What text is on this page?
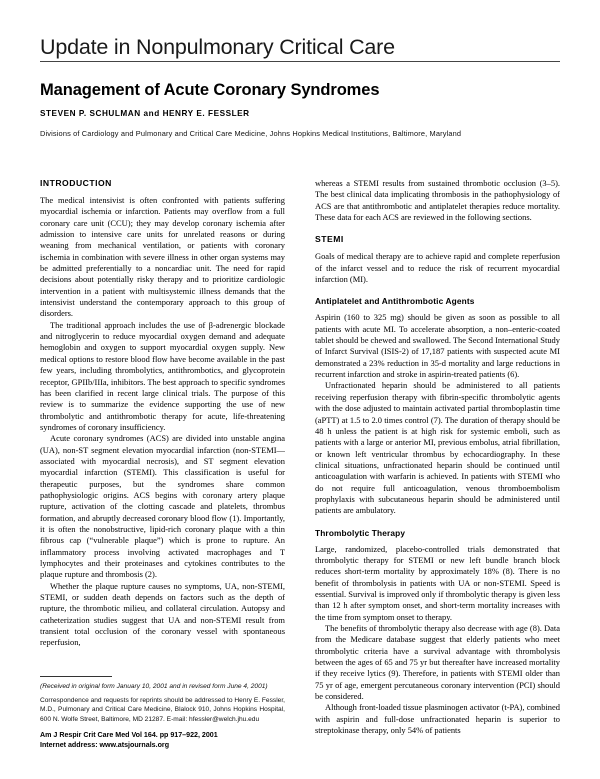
Update in Nonpulmonary Critical Care
Management of Acute Coronary Syndromes
STEVEN P. SCHULMAN and HENRY E. FESSLER
Divisions of Cardiology and Pulmonary and Critical Care Medicine, Johns Hopkins Medical Institutions, Baltimore, Maryland
INTRODUCTION

The medical intensivist is often confronted with patients suffering myocardial ischemia or infarction. Patients may overflow from a full coronary care unit (CCU); they may develop coronary ischemia after admission to intensive care units for unrelated reasons or during weaning from mechanical ventilation, or patients with coronary ischemia in combination with severe illness in other organ systems may be admitted preferentially to a noncardiac unit. The need for rapid decisions about potentially risky therapy and to prioritize cardiologic intervention in a patient with multisystemic illness demands that the intensivist understand the contemporary approach to this group of disorders.

The traditional approach includes the use of β-adrenergic blockade and nitroglycerin to reduce myocardial oxygen demand and adequate hemoglobin and oxygen to support myocardial oxygen supply. New medical options to restore blood flow have become available in the past few years, including thrombolytics, antithrombotics, and glycoprotein receptor, GPIIb/IIIa, inhibitors. The best approach to specific syndromes has been clarified in recent large clinical trials. The purpose of this review is to summarize the evidence supporting the use of new thrombolytic and antithrombotic therapy for acute, life-threatening syndromes of coronary insufficiency.

Acute coronary syndromes (ACS) are divided into unstable angina (UA), non-ST segment elevation myocardial infarction (non-STEMI—associated with myocardial necrosis), and ST segment elevation myocardial infarction (STEMI). This classification is useful for therapeutic purposes, but the syndromes share common pathophysiologic origins. ACS begins with coronary artery plaque rupture, activation of the clotting cascade and platelets, thrombus formation, and abruptly decreased coronary blood flow (1). Importantly, it is often the nonobstructive, lipid-rich coronary plaque with a thin fibrous cap (“vulnerable plaque”) which is prone to rupture. An inflammatory process involving activated macrophages and T lymphocytes and their proteinases and cytokines contributes to the plaque rupture and thrombosis (2).

Whether the plaque rupture causes no symptoms, UA, non-STEMI, STEMI, or sudden death depends on factors such as the depth of rupture, the thrombotic milieu, and collateral circulation. Autopsy and catheterization studies suggest that UA and non-STEMI result from transient total occlusion of the coronary vessel with spontaneous reperfusion,

whereas a STEMI results from sustained thrombotic occlusion (3–5). The best clinical data implicating thrombosis in the pathophysiology of ACS are that antithrombotic and antiplatelet therapies reduce mortality. These data for each ACS are reviewed in the following sections.

STEMI

Goals of medical therapy are to achieve rapid and complete reperfusion of the infarct vessel and to reduce the risk of recurrent myocardial infarction (MI).

Antiplatelet and Antithrombotic Agents

Aspirin (160 to 325 mg) should be given as soon as possible to all patients with acute MI. To accelerate absorption, a non–enteric-coated tablet should be chewed and swallowed. The Second International Study of Infarct Survival (ISIS-2) of 17,187 patients with suspected acute MI demonstrated a 23% reduction in 35-d mortality and large reductions in recurrent infarction and stroke in aspirin-treated patients (6).

Unfractionated heparin should be administered to all patients receiving reperfusion therapy with fibrin-specific thrombolytic agents with the dose adjusted to maintain activated partial thromboplastin time (aPTT) at 1.5 to 2.0 times control (7). The duration of therapy should be 48 h unless the patient is at high risk for systemic emboli, such as patients with a large or anterior MI, previous embolus, atrial fibrillation, or known left ventricular thrombus by echocardiography. In these clinical situations, unfractionated heparin should be continued until anticoagulation with warfarin is achieved. In patients with STEMI who do not require full anticoagulation, venous thromboembolism prophylaxis with subcutaneous heparin should be administered until patients are ambulatory.

Thrombolytic Therapy

Large, randomized, placebo-controlled trials demonstrated that thrombolytic therapy for STEMI or new left bundle branch block reduces short-term mortality by approximately 18% (8). There is no benefit of thrombolysis in patients with UA or non-STEMI. Speed is essential. Survival is improved only if thrombolytic therapy is given less than 12 h after symptom onset, and short-term mortality increases with the time from symptom onset to therapy.

The benefits of thrombolytic therapy also decrease with age (8). Data from the Medicare database suggest that elderly patients who meet thrombolytic criteria have a survival advantage with thrombolysis between the ages of 65 and 75 yr but thereafter have increased mortality if they receive lytics (9). Therefore, in patients with STEMI older than 75 yr of age, emergent percutaneous coronary intervention (PCI) should be considered.

Although front-loaded tissue plasminogen activator (t-PA), combined with aspirin and full-dose unfractionated heparin is superior to streptokinase therapy, only 54% of patients

(Received in original form January 10, 2001 and in revised form June 4, 2001)

Correspondence and requests for reprints should be addressed to Henry E. Fessler, M.D., Pulmonary and Critical Care Medicine, Blalock 910, Johns Hopkins Hospital, 600 N. Wolfe Street, Baltimore, MD 21287. E-mail: hfessler@welch.jhu.edu

Am J Respir Crit Care Med Vol 164. pp 917–922, 2001

Internet address: www.atsjournals.org
